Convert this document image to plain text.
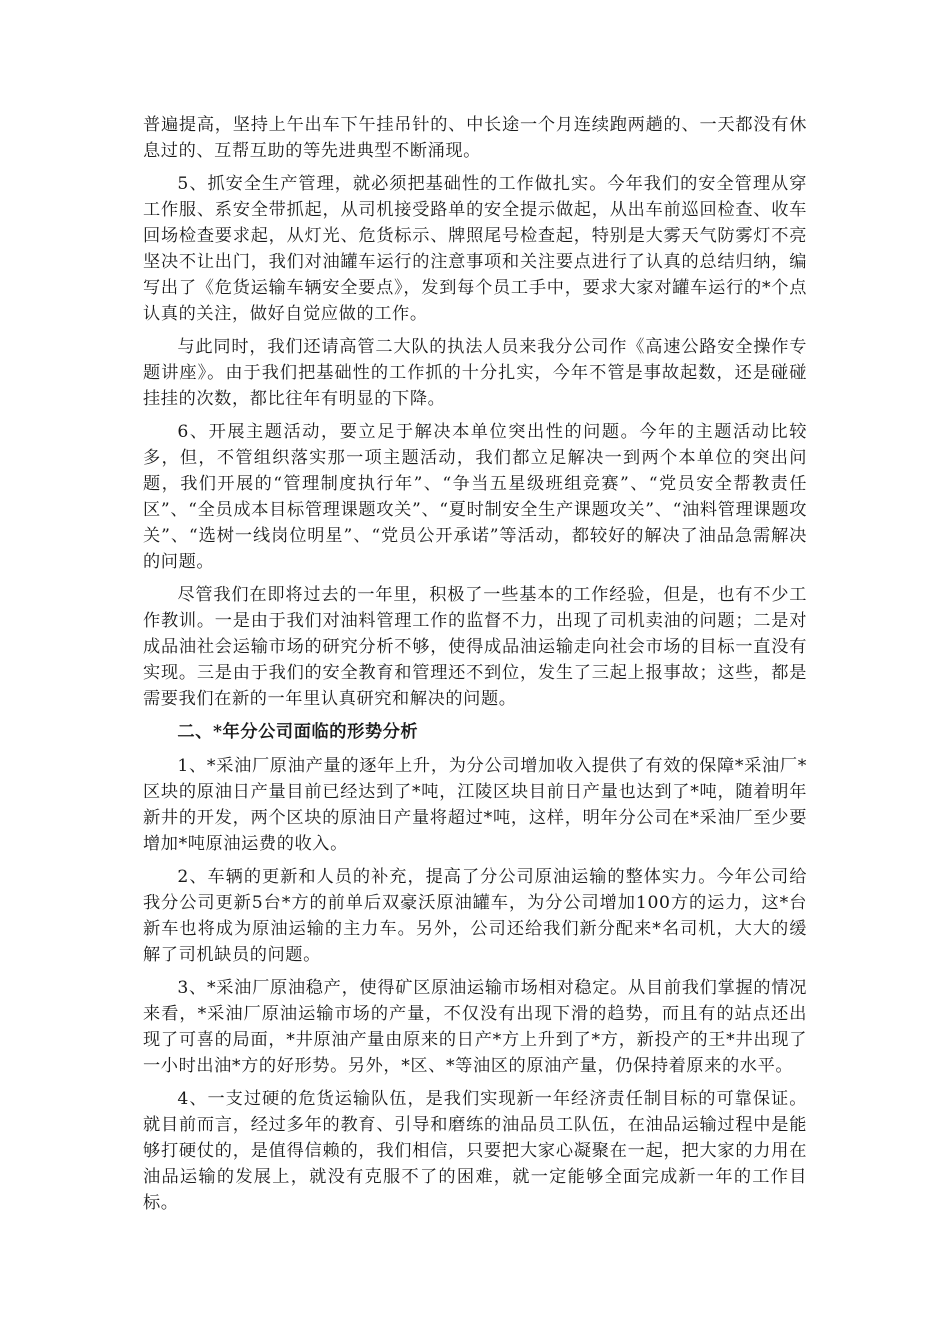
普遍提高，坚持上午出车下午挂吊针的、中长途一个月连续跑两趟的、一天都没有休息过的、互帮互助的等先进典型不断涌现。

5、抓安全生产管理，就必须把基础性的工作做扎实。今年我们的安全管理从穿工作服、系安全带抓起，从司机接受路单的安全提示做起，从出车前巡回检查、收车回场检查要求起，从灯光、危货标示、牌照尾号检查起，特别是大雾天气防雾灯不亮坚决不让出门，我们对油罐车运行的注意事项和关注要点进行了认真的总结归纳，编写出了《危货运输车辆安全要点》，发到每个员工手中，要求大家对罐车运行的*个点认真的关注，做好自觉应做的工作。

与此同时，我们还请高管二大队的执法人员来我分公司作《高速公路安全操作专题讲座》。由于我们把基础性的工作抓的十分扎实，今年不管是事故起数，还是碰碰挂挂的次数，都比往年有明显的下降。

6、开展主题活动，要立足于解决本单位突出性的问题。今年的主题活动比较多，但，不管组织落实那一项主题活动，我们都立足解决一到两个本单位的突出问题，我们开展的“管理制度执行年”、“争当五星级班组竞赛”、“党员安全帮教责任区”、“全员成本目标管理课题攻关”、“夏时制安全生产课题攻关”、“油料管理课题攻关”、“选树一线岗位明星”、“党员公开承诺”等活动，都较好的解决了油品急需解决的问题。

尽管我们在即将过去的一年里，积极了一些基本的工作经验，但是，也有不少工作教训。一是由于我们对油料管理工作的监督不力，出现了司机卖油的问题；二是对成品油社会运输市场的研究分析不够，使得成品油运输走向社会市场的目标一直没有实现。三是由于我们的安全教育和管理还不到位，发生了三起上报事故；这些，都是需要我们在新的一年里认真研究和解决的问题。

二、*年分公司面临的形势分析

1、*采油厂原油产量的逐年上升，为分公司增加收入提供了有效的保障*采油厂*区块的原油日产量目前已经达到了*吨，江陵区块目前日产量也达到了*吨，随着明年新井的开发，两个区块的原油日产量将超过*吨，这样，明年分公司在*采油厂至少要增加*吨原油运费的收入。

2、车辆的更新和人员的补充，提高了分公司原油运输的整体实力。今年公司给我分公司更新5台*方的前单后双豪沃原油罐车，为分公司增加100方的运力，这*台新车也将成为原油运输的主力车。另外，公司还给我们新分配来*名司机，大大的缓解了司机缺员的问题。

3、*采油厂原油稳产，使得矿区原油运输市场相对稳定。从目前我们掌握的情况来看，*采油厂原油运输市场的产量，不仅没有出现下滑的趋势，而且有的站点还出现了可喜的局面，*井原油产量由原来的日产*方上升到了*方，新投产的王*井出现了一小时出油*方的好形势。另外，*区、*等油区的原油产量，仍保持着原来的水平。

4、一支过硬的危货运输队伍，是我们实现新一年经济责任制目标的可靠保证。就目前而言，经过多年的教育、引导和磨练的油品员工队伍，在油品运输过程中是能够打硬仗的，是值得信赖的，我们相信，只要把大家心凝聚在一起，把大家的力用在油品运输的发展上，就没有克服不了的困难，就一定能够全面完成新一年的工作目标。
